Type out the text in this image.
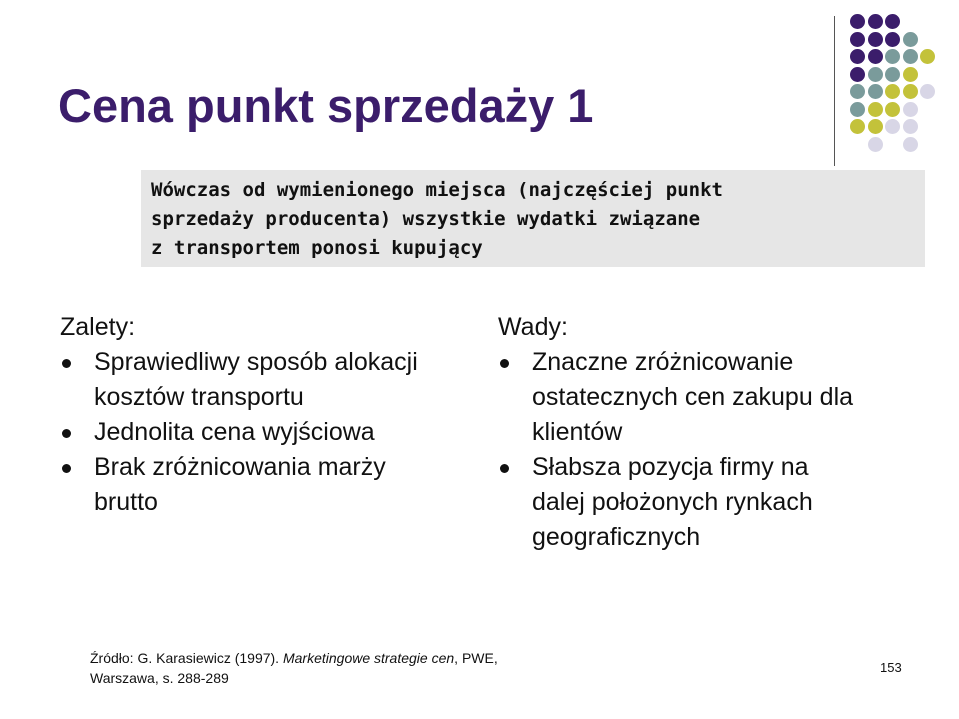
Cena punkt sprzedaży 1
Wówczas od wymienionego miejsca (najczęściej punkt
sprzedaży producenta) wszystkie wydatki związane
z transportem ponosi kupujący
Zalety:
Sprawiedliwy sposób alokacji
kosztów transportu
Jednolita cena wyjściowa
Brak zróżnicowania marży
brutto
Wady:
Znaczne zróżnicowanie
ostatecznych cen zakupu dla
klientów
Słabsza pozycja firmy na
dalej położonych rynkach
geograficznych
Źródło: G. Karasiewicz (1997). Marketingowe strategie cen, PWE,
Warszawa, s. 288-289
153
